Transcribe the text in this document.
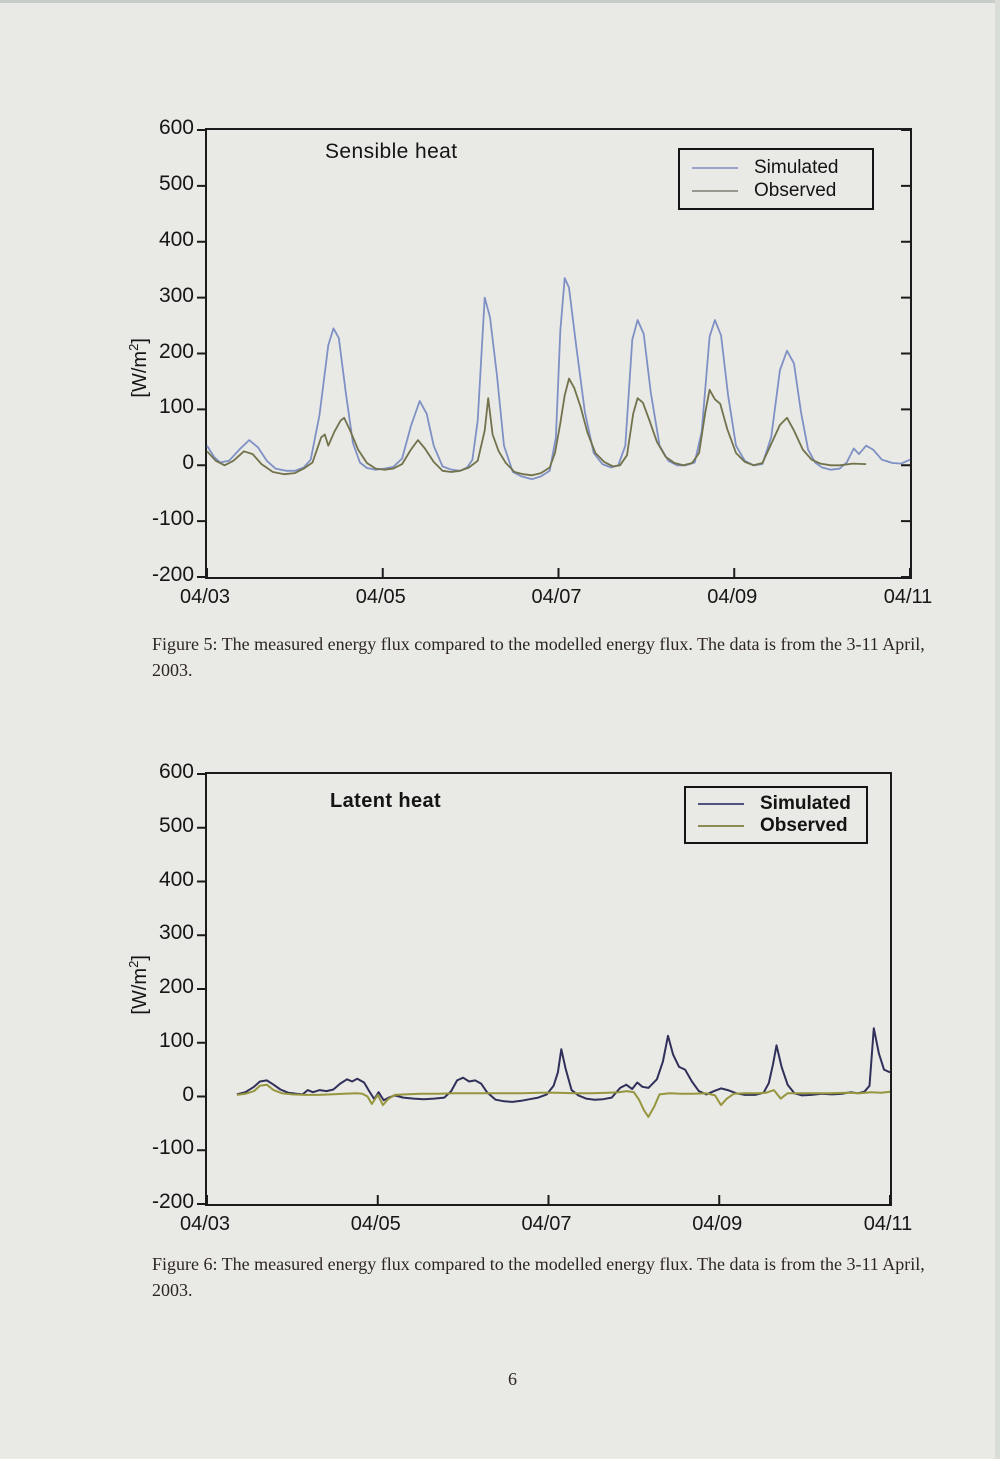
Sensible heat
$[W/m^2]$
Simulated
Observed
600
500
400
300
200
100
0
-100
-200
04/03	04/05	04/07	04/09	04/11
Figure 5: The measured energy flux compared to the modelled energy flux. The data is from the 3-11 April, 2003.
Latent heat
$[W/m^2]$
Simulated
Observed
600
500
400
300
200
100
0
-100
-200
04/03	04/05	04/07	04/09	04/11
Figure 6: The measured energy flux compared to the modelled energy flux. The data is from the 3-11 April, 2003.
6
